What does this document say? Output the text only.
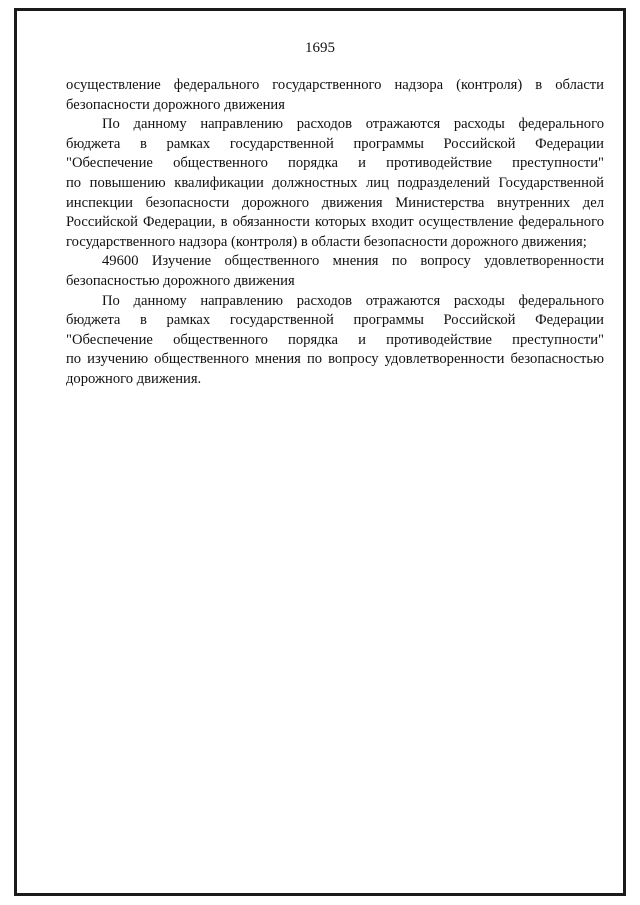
1695

осуществление федерального государственного надзора (контроля) в области
безопасности дорожного движения

По данному направлению расходов отражаются расходы федерального
бюджета в рамках государственной программы Российской Федерации
"Обеспечение общественного порядка и противодействие преступности"
по повышению квалификации должностных лиц подразделений Государственной
инспекции безопасности дорожного движения Министерства внутренних дел
Российской Федерации, в обязанности которых входит осуществление федерального
государственного надзора (контроля) в области безопасности дорожного движения;

49600 Изучение общественного мнения по вопросу удовлетворенности
безопасностью дорожного движения

По данному направлению расходов отражаются расходы федерального
бюджета в рамках государственной программы Российской Федерации
"Обеспечение общественного порядка и противодействие преступности"
по изучению общественного мнения по вопросу удовлетворенности безопасностью
дорожного движения.
